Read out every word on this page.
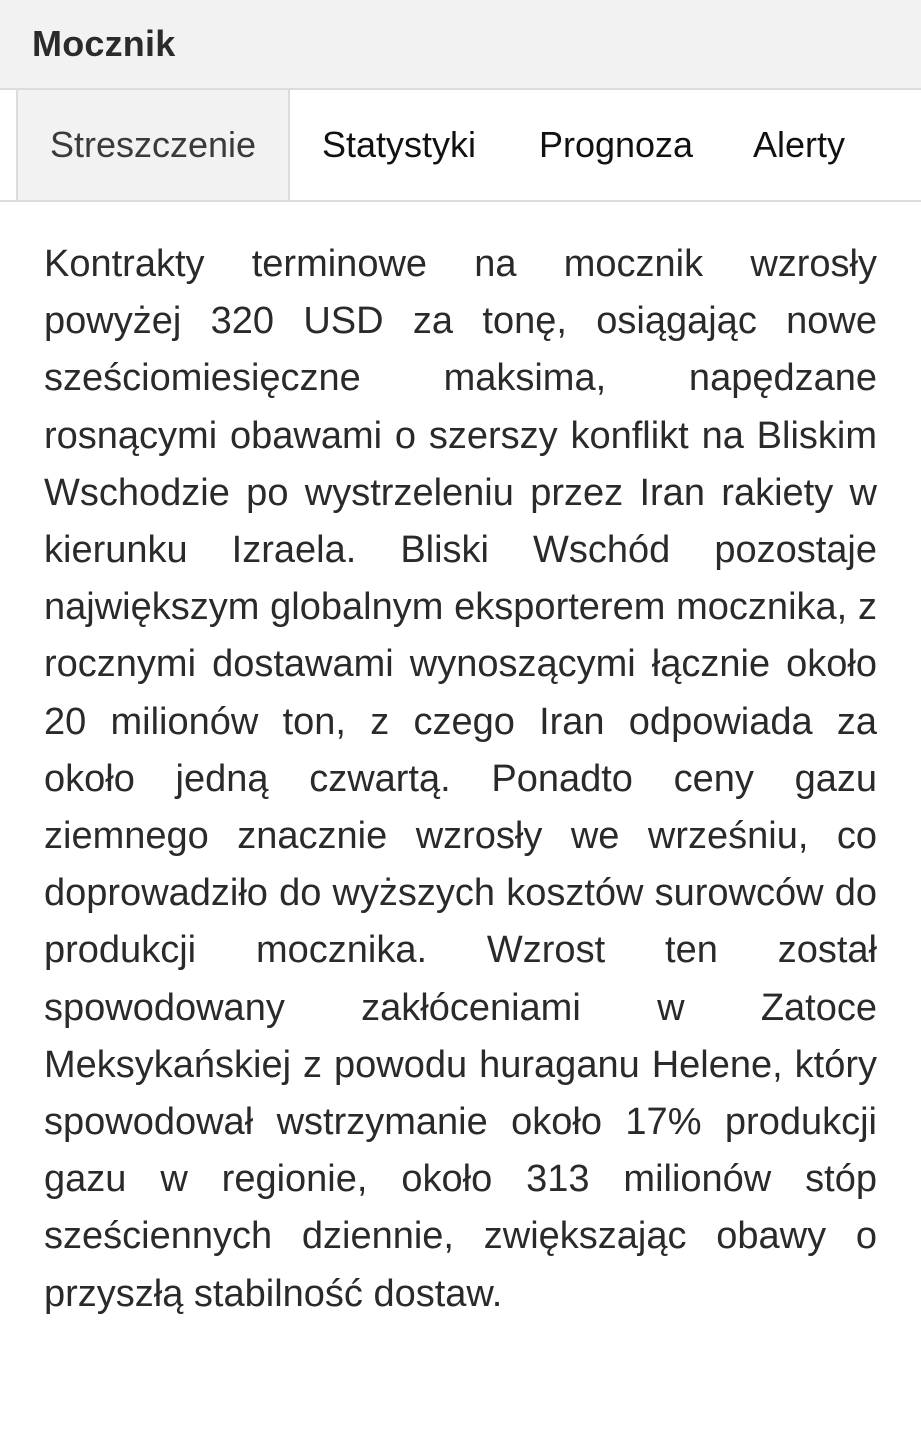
Mocznik
Streszczenie	Statystyki	Prognoza	Alerty

Kontrakty terminowe na mocznik wzrosły powyżej 320 USD za tonę, osiągając nowe sześciomiesięczne maksima, napędzane rosnącymi obawami o szerszy konflikt na Bliskim Wschodzie po wystrzeleniu przez Iran rakiety w kierunku Izraela. Bliski Wschód pozostaje największym globalnym eksporterem mocznika, z rocznymi dostawami wynoszącymi łącznie około 20 milionów ton, z czego Iran odpowiada za około jedną czwartą. Ponadto ceny gazu ziemnego znacznie wzrosły we wrześniu, co doprowadziło do wyższych kosztów surowców do produkcji mocznika. Wzrost ten został spowodowany zakłóceniami w Zatoce Meksykańskiej z powodu huraganu Helene, który spowodował wstrzymanie około 17% produkcji gazu w regionie, około 313 milionów stóp sześciennych dziennie, zwiększając obawy o przyszłą stabilność dostaw.
